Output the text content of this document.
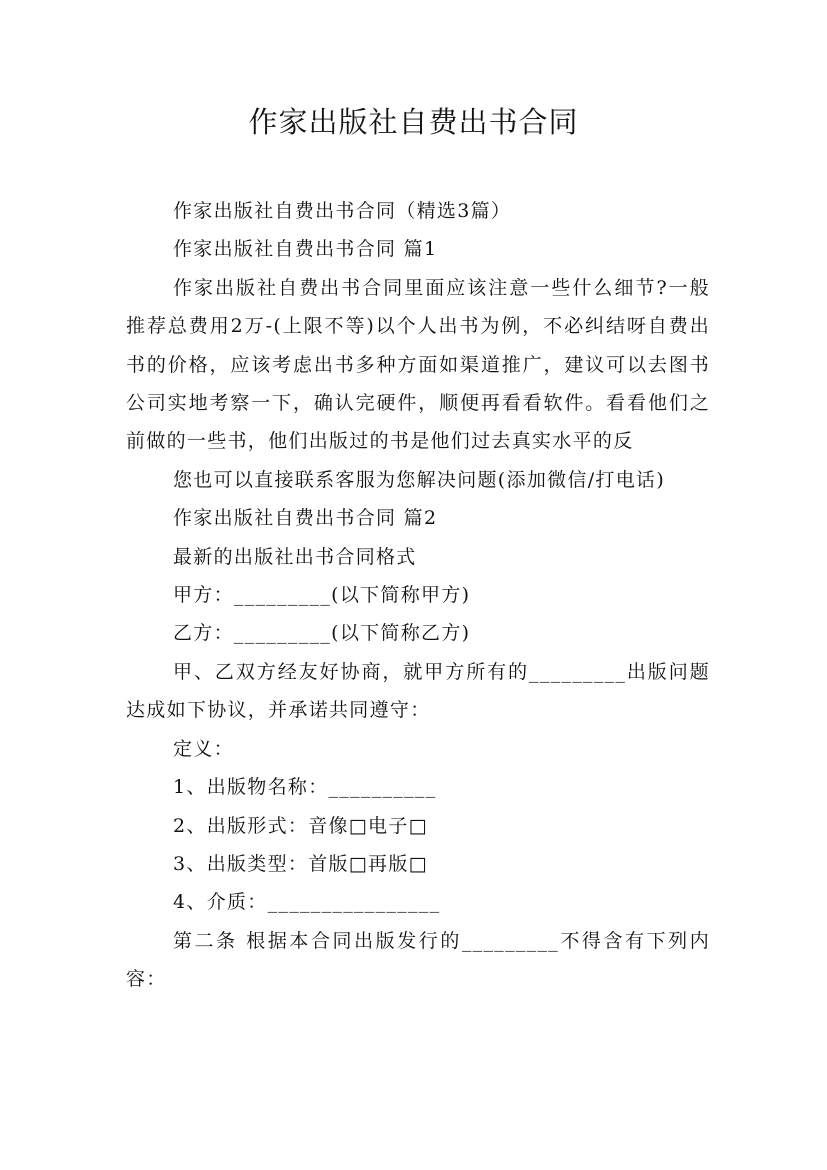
作家出版社自费出书合同

作家出版社自费出书合同（精选3篇）

作家出版社自费出书合同 篇1

作家出版社自费出书合同里面应该注意一些什么细节?一般推荐总费用2万-(上限不等)以个人出书为例，不必纠结呀自费出书的价格，应该考虑出书多种方面如渠道推广，建议可以去图书公司实地考察一下，确认完硬件，顺便再看看软件。看看他们之前做的一些书，他们出版过的书是他们过去真实水平的反

您也可以直接联系客服为您解决问题(添加微信/打电话)

作家出版社自费出书合同 篇2

最新的出版社出书合同格式

甲方：_________(以下简称甲方)

乙方：_________(以下简称乙方)

甲、乙双方经友好协商，就甲方所有的_________出版问题达成如下协议，并承诺共同遵守：

定义：

1、出版物名称：__________

2、出版形式：音像□电子□

3、出版类型：首版□再版□

4、介质：________________

第二条 根据本合同出版发行的_________不得含有下列内容：
